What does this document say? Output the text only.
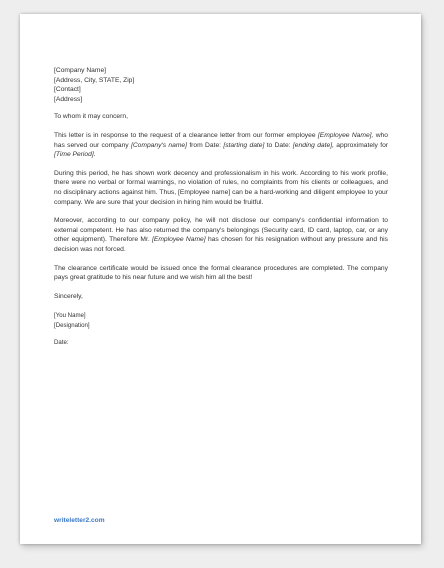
[Company Name]
[Address, City, STATE, Zip]
[Contact]
[Address]

To whom it may concern,

This letter is in response to the request of a clearance letter from our former employee [Employee Name], who has served our company [Company's name] from Date: [starting date] to Date: [ending date], approximately for [Time Period].

During this period, he has shown work decency and professionalism in his work. According to his work profile, there were no verbal or formal warnings, no violation of rules, no complaints from his clients or colleagues, and no disciplinary actions against him. Thus, [Employee name] can be a hard-working and diligent employee to your company. We are sure that your decision in hiring him would be fruitful.

Moreover, according to our company policy, he will not disclose our company's confidential information to external competent. He has also returned the company's belongings (Security card, ID card, laptop, car, or any other equipment). Therefore Mr. [Employee Name] has chosen for his resignation without any pressure and his decision was not forced.

The clearance certificate would be issued once the formal clearance procedures are completed. The company pays great gratitude to his near future and we wish him all the best!

Sincerely,

[You Name]
[Designation]
Date:
writeletter2.com
